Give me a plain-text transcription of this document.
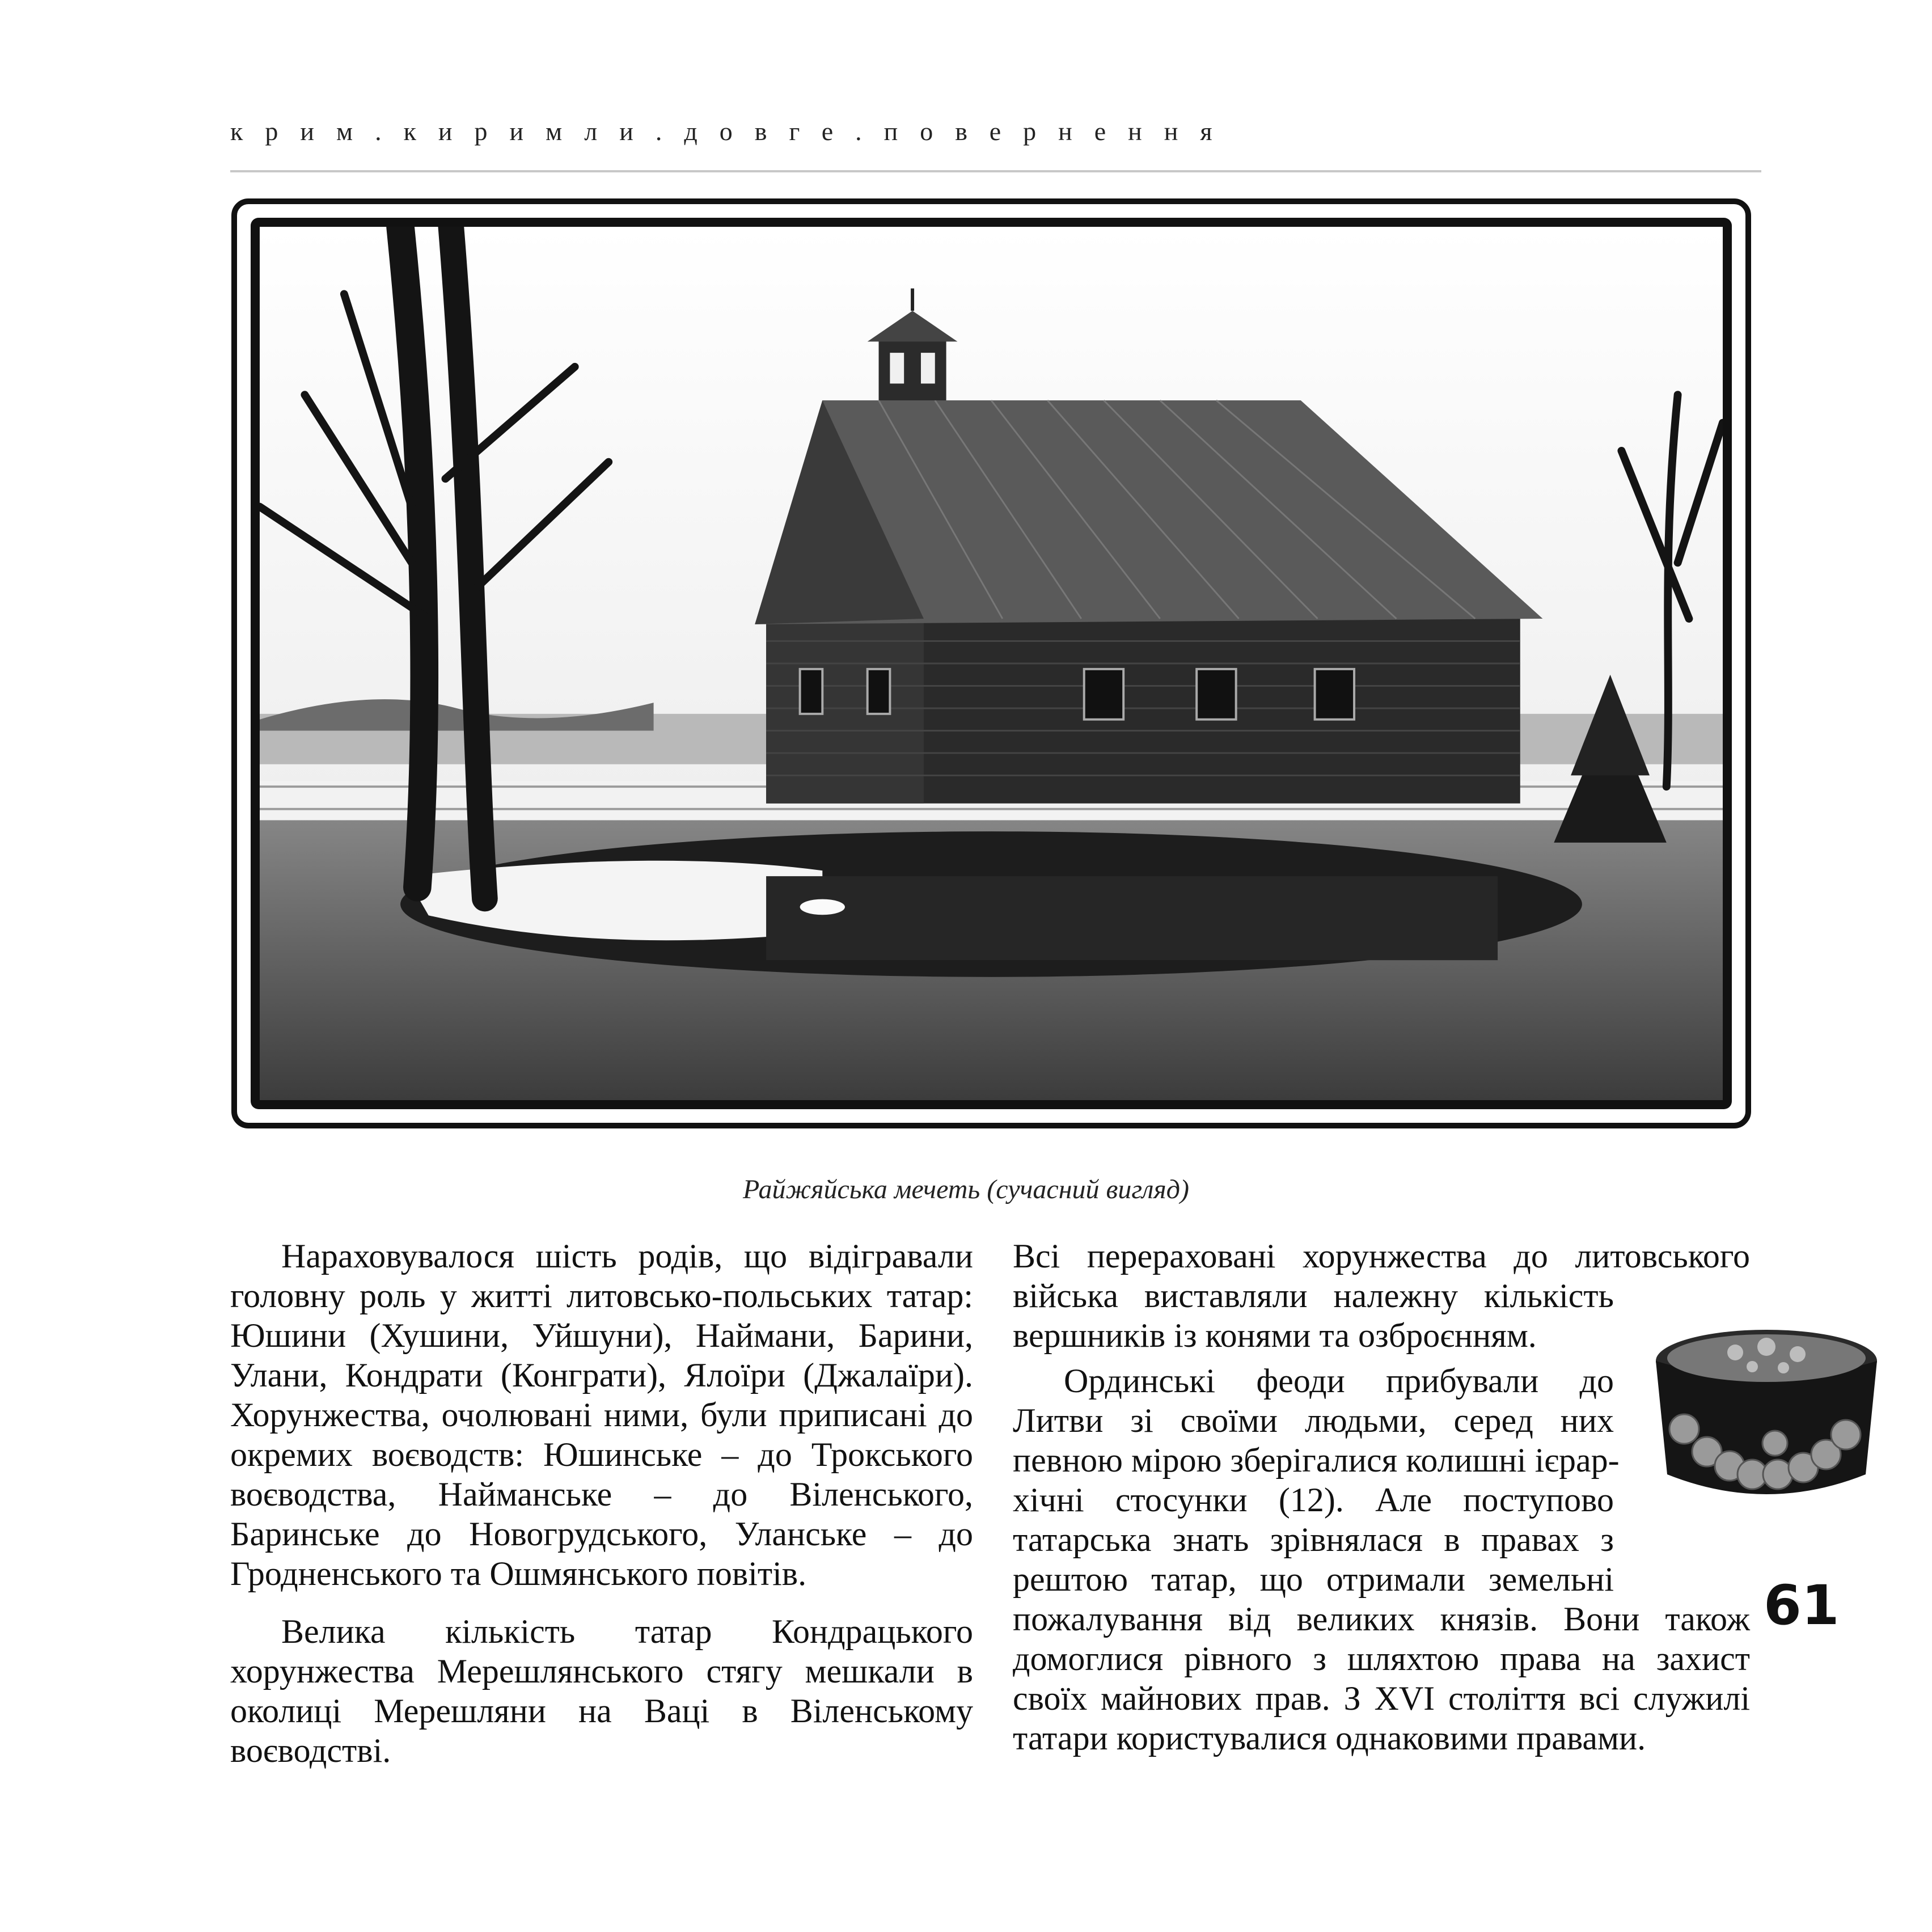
крим.киримли.довге.повернення
Райжяйська мечеть (сучасний вигляд)

Нараховувалося шість родів, що відігравали головну роль у житті литовсько-польських татар: Юшини (Хушини, Уйшуни), Наймани, Барини, Улани, Кондрати (Конграти), Ялоїри (Джалаїри). Хорунжества, очолювані ними, були приписані до окремих воєводств: Юшинське – до Трокського воєводства, Найманське – до Віленського, Баринське до Новогрудського, Уланське – до Гродненського та Ошмянського повітів.

Велика кількість татар Кондрацького хорунжества Мерешлянського стягу мешкали в околиці Мерешляни на Ваці в Віленському воєводстві.

Всі перераховані хорунжества до литовського
війська виставляли належну кількість
вершників із конями та озброєнням.
Ординські феоди прибували до
Литви зі своїми людьми, серед них
певною мірою зберігалися колишні ієрар-
хічні стосунки (12). Але поступово
татарська знать зрівнялася в правах з
рештою татар, що отримали земельні
пожалування від великих князів. Вони також
домоглися рівного з шляхтою права на захист
своїх майнових прав. З XVI століття всі служилі
татари користувалися однаковими правами.
61
